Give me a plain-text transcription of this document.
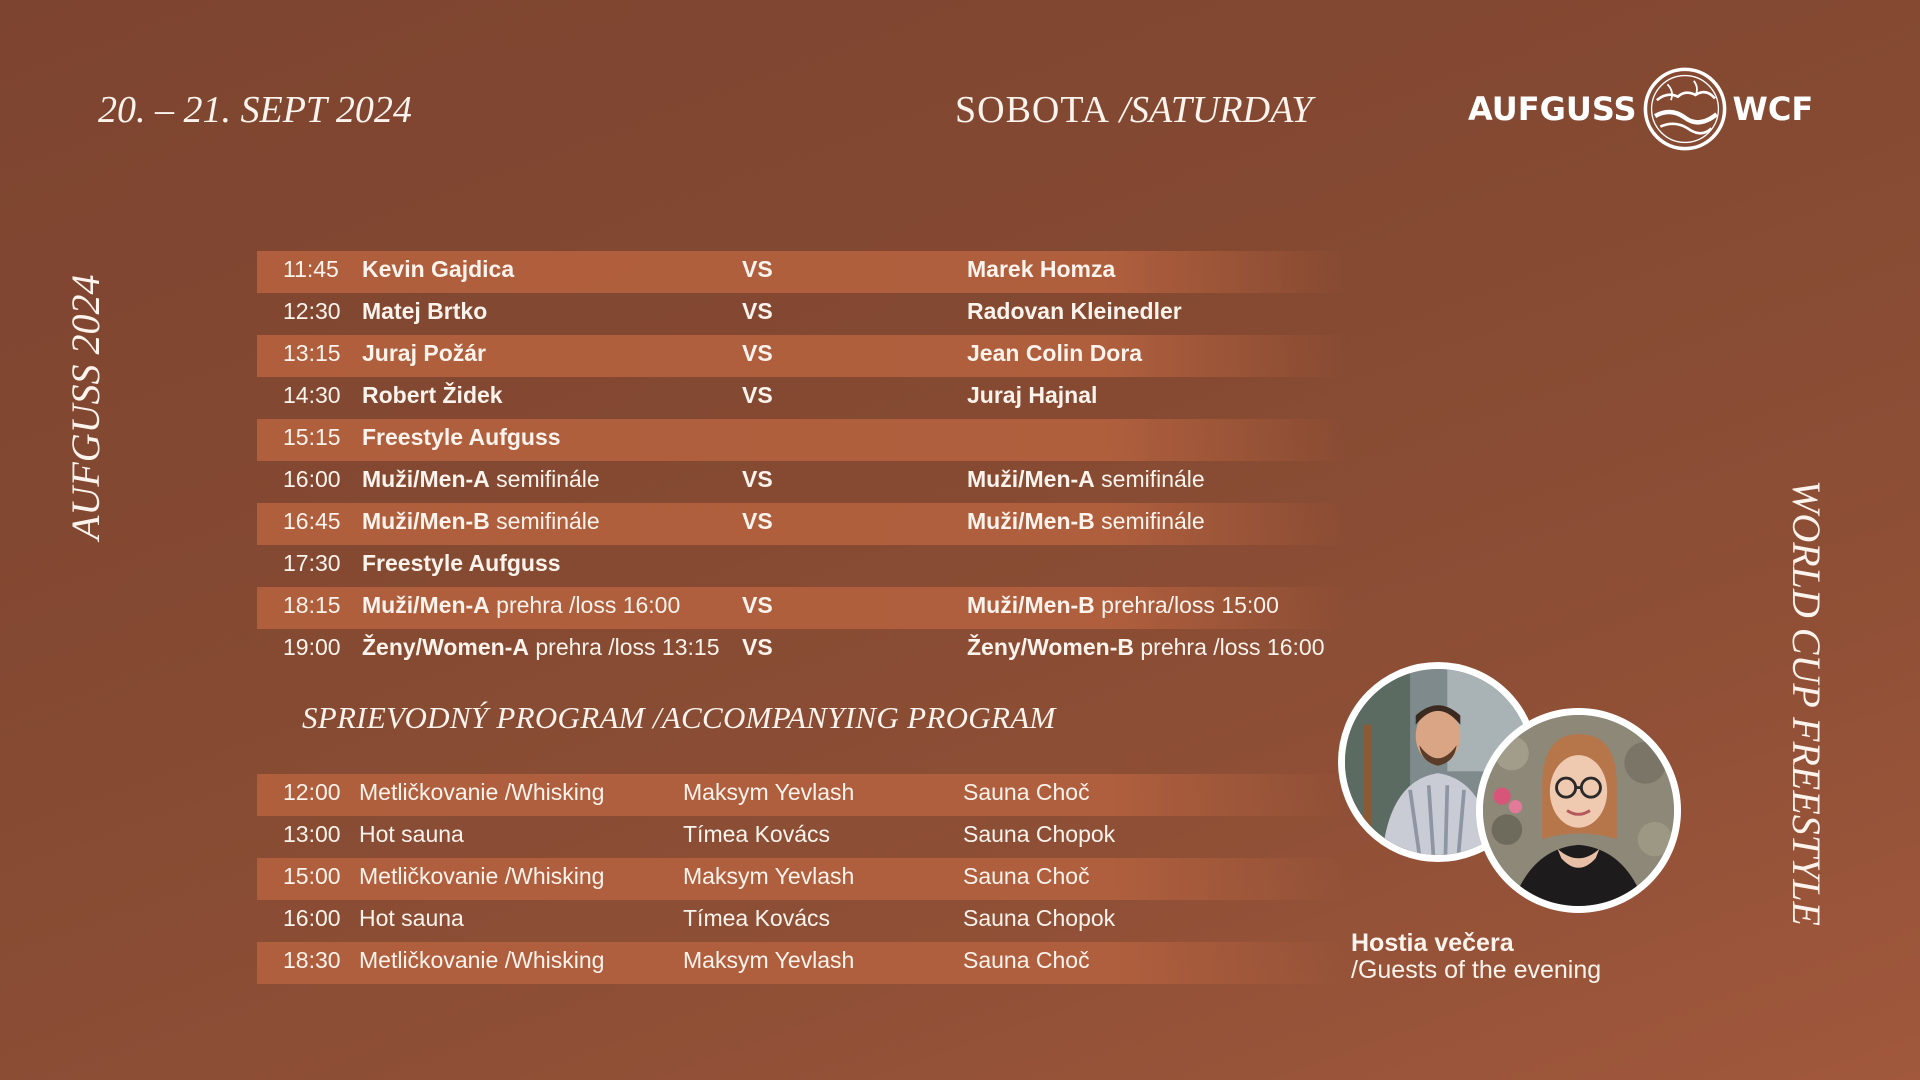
20. – 21. SEPT 2024	SOBOTA /SATURDAY	AUFGUSS	WCF
AUFGUSS 2024
WORLD CUP FREESTYLE
11:45 Kevin Gajdica	VS	Marek Homza
12:30 Matej Brtko	VS	Radovan Kleinedler
13:15 Juraj Požár	VS	Jean Colin Dora
14:30 Robert Židek	VS	Juraj Hajnal
15:15 Freestyle Aufguss
16:00 Muži/Men-A semifinále	VS	Muži/Men-A semifinále
16:45 Muži/Men-B semifinále	VS	Muži/Men-B semifinále
17:30 Freestyle Aufguss
18:15 Muži/Men-A prehra /loss 16:00	VS	Muži/Men-B prehra/loss 15:00
19:00 Ženy/Women-A prehra /loss 13:15 VS	Ženy/Women-B prehra /loss 16:00
SPRIEVODNÝ PROGRAM /ACCOMPANYING PROGRAM
12:00 Metličkovanie /Whisking	Maksym Yevlash	Sauna Choč
13:00 Hot sauna	Tímea Kovács	Sauna Chopok
15:00 Metličkovanie /Whisking	Maksym Yevlash	Sauna Choč
16:00 Hot sauna	Tímea Kovács	Sauna Chopok
18:30 Metličkovanie /Whisking	Maksym Yevlash	Sauna Choč
Hostia večera
/Guests of the evening
